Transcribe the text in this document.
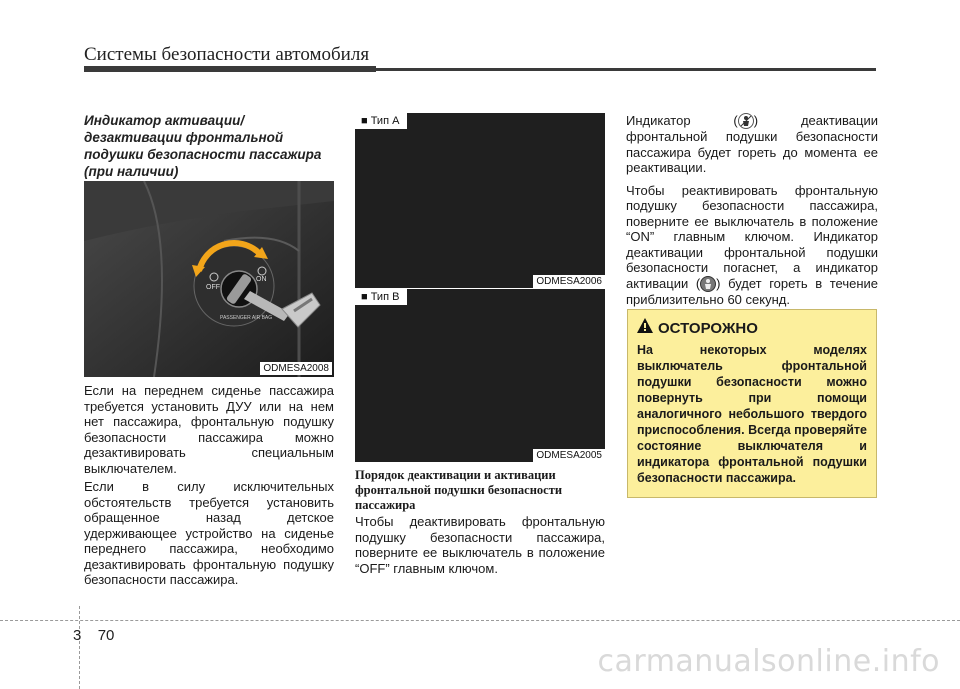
Системы безопасности автомобиля
Индикатор активации/ дезактивации фронтальной подушки безопасности пассажира (при наличии)
OFF
ON
PASSENGER AIR BAG
ODMESA2008

Если на переднем сиденье пассажира требуется установить ДУУ или на нем нет пассажира, фронтальную подушку безопасности пассажира можно дезактивировать специальным выключателем.

Если в силу исключительных обстоятельств требуется установить обращенное назад детское удерживающее устройство на сиденье переднего пассажира, необходимо дезактивировать фронтальную подушку безопасности пассажира.

■ Тип A
ODMESA2006
■ Тип B
ODMESA2005
Порядок деактивации и активации фронтальной подушки безопасности пассажира
Чтобы деактивировать фронтальную подушку безопасности пассажира, поверните ее выключатель в положение “OFF” главным ключом.

Индикатор ( ) деактивации фронтальной подушки безопасности пассажира будет гореть до момента ее реактивации.

Чтобы реактивировать фронтальную подушку безопасности пассажира, поверните ее выключатель в положение “ON” главным ключом. Индикатор деактивации фронтальной подушки безопасности погаснет, а индикатор активации ( ) будет гореть в течение приблизительно 60 секунд.

ОСТОРОЖНО
На некоторых моделях выключатель фронтальной подушки безопасности можно повернуть при помощи аналогичного небольшого твердого приспособления. Всегда проверяйте состояние выключателя и индикатора фронтальной подушки безопасности пассажира.
3 70
carmanualsonline.info
